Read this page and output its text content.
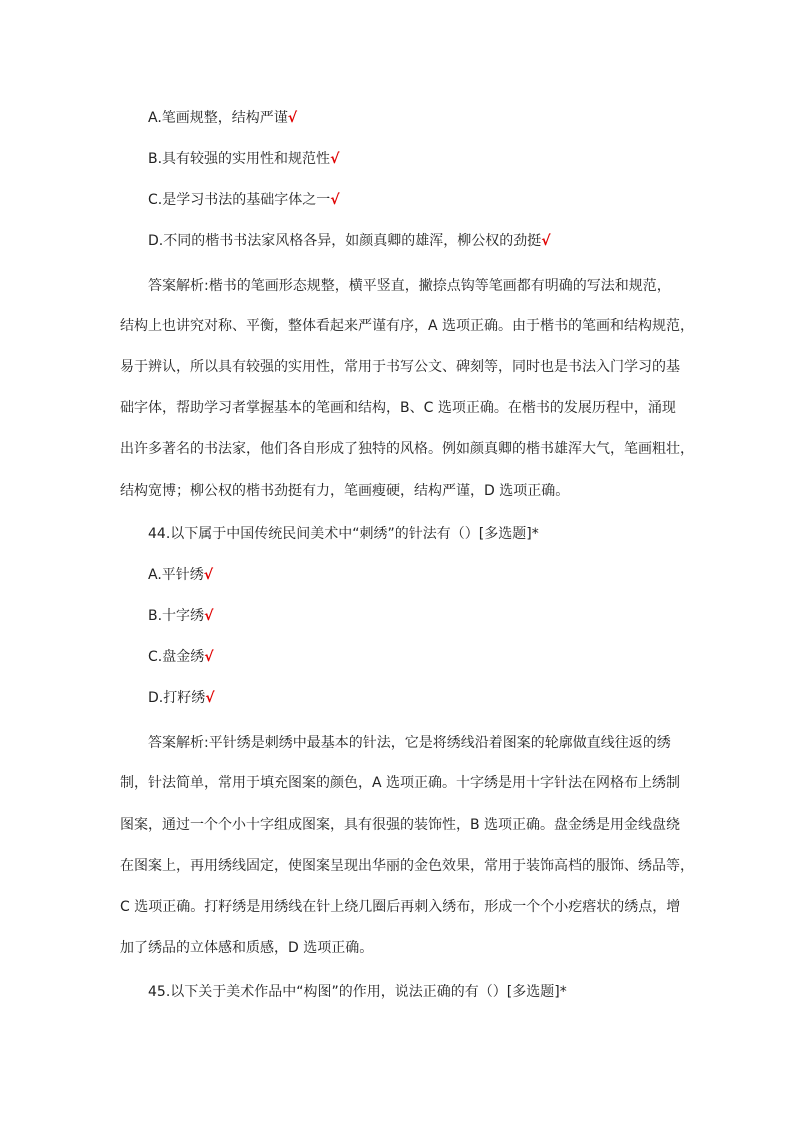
A.笔画规整，结构严谨√
B.具有较强的实用性和规范性√
C.是学习书法的基础字体之一√
D.不同的楷书书法家风格各异，如颜真卿的雄浑，柳公权的劲挺√
答案解析:楷书的笔画形态规整，横平竖直，撇捺点钩等笔画都有明确的写法和规范，
结构上也讲究对称、平衡，整体看起来严谨有序，A 选项正确。由于楷书的笔画和结构规范，
易于辨认，所以具有较强的实用性，常用于书写公文、碑刻等，同时也是书法入门学习的基
础字体，帮助学习者掌握基本的笔画和结构，B、C 选项正确。在楷书的发展历程中，涌现
出许多著名的书法家，他们各自形成了独特的风格。例如颜真卿的楷书雄浑大气，笔画粗壮，
结构宽博；柳公权的楷书劲挺有力，笔画瘦硬，结构严谨，D 选项正确。
44.以下属于中国传统民间美术中“刺绣”的针法有（）[多选题]*
A.平针绣√
B.十字绣√
C.盘金绣√
D.打籽绣√
答案解析:平针绣是刺绣中最基本的针法，它是将绣线沿着图案的轮廓做直线往返的绣
制，针法简单，常用于填充图案的颜色，A 选项正确。十字绣是用十字针法在网格布上绣制
图案，通过一个个小十字组成图案，具有很强的装饰性，B 选项正确。盘金绣是用金线盘绕
在图案上，再用绣线固定，使图案呈现出华丽的金色效果，常用于装饰高档的服饰、绣品等，
C 选项正确。打籽绣是用绣线在针上绕几圈后再刺入绣布，形成一个个小疙瘩状的绣点，增
加了绣品的立体感和质感，D 选项正确。
45.以下关于美术作品中“构图”的作用，说法正确的有（）[多选题]*
